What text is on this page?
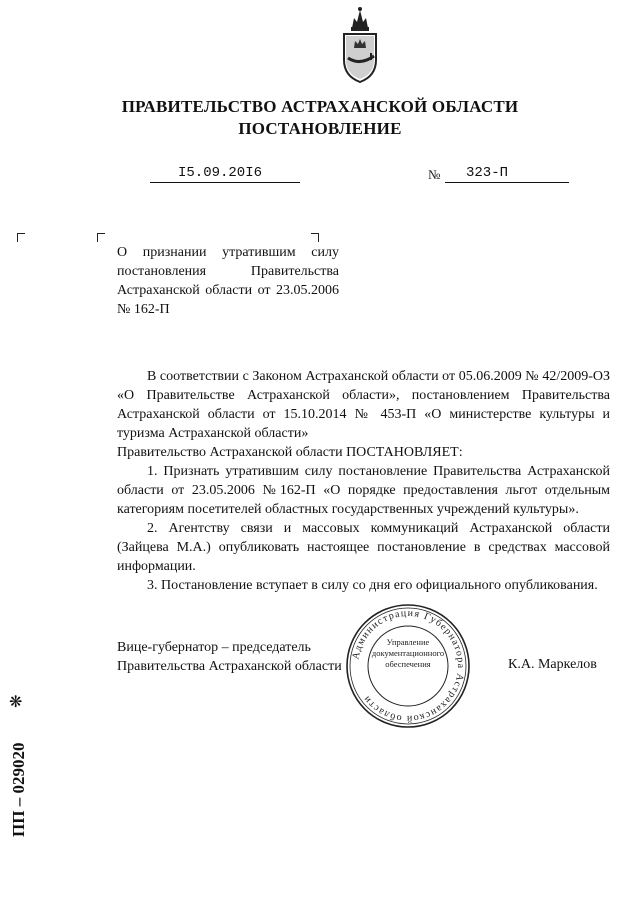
ПРАВИТЕЛЬСТВО АСТРАХАНСКОЙ ОБЛАСТИ
ПОСТАНОВЛЕНИЕ
I5.09.20I6	№ 323-П
О признании утратившим силу постановления Правительства Астраханской области от 23.05.2006 № 162-П

В соответствии с Законом Астраханской области от 05.06.2009 № 42/2009-ОЗ «О Правительстве Астраханской области», постановлением Правительства Астраханской области от 15.10.2014 № 453-П «О министерстве культуры и туризма Астраханской области»

Правительство Астраханской области ПОСТАНОВЛЯЕТ:

1. Признать утратившим силу постановление Правительства Астраханской области от 23.05.2006 №162-П «О порядке предоставления льгот отдельным категориям посетителей областных государственных учреждений культуры».

2. Агентству связи и массовых коммуникаций Астраханской области (Зайцева М.А.) опубликовать настоящее постановление в средствах массовой информации.

3. Постановление вступает в силу со дня его официального опубликования.

Вице-губернатор – председатель
Правительства Астраханской области	К.А. Маркелов
Администрация Губернатора Астраханской области
Управление
документационного
обеспечения
ПП – 029020
❋
